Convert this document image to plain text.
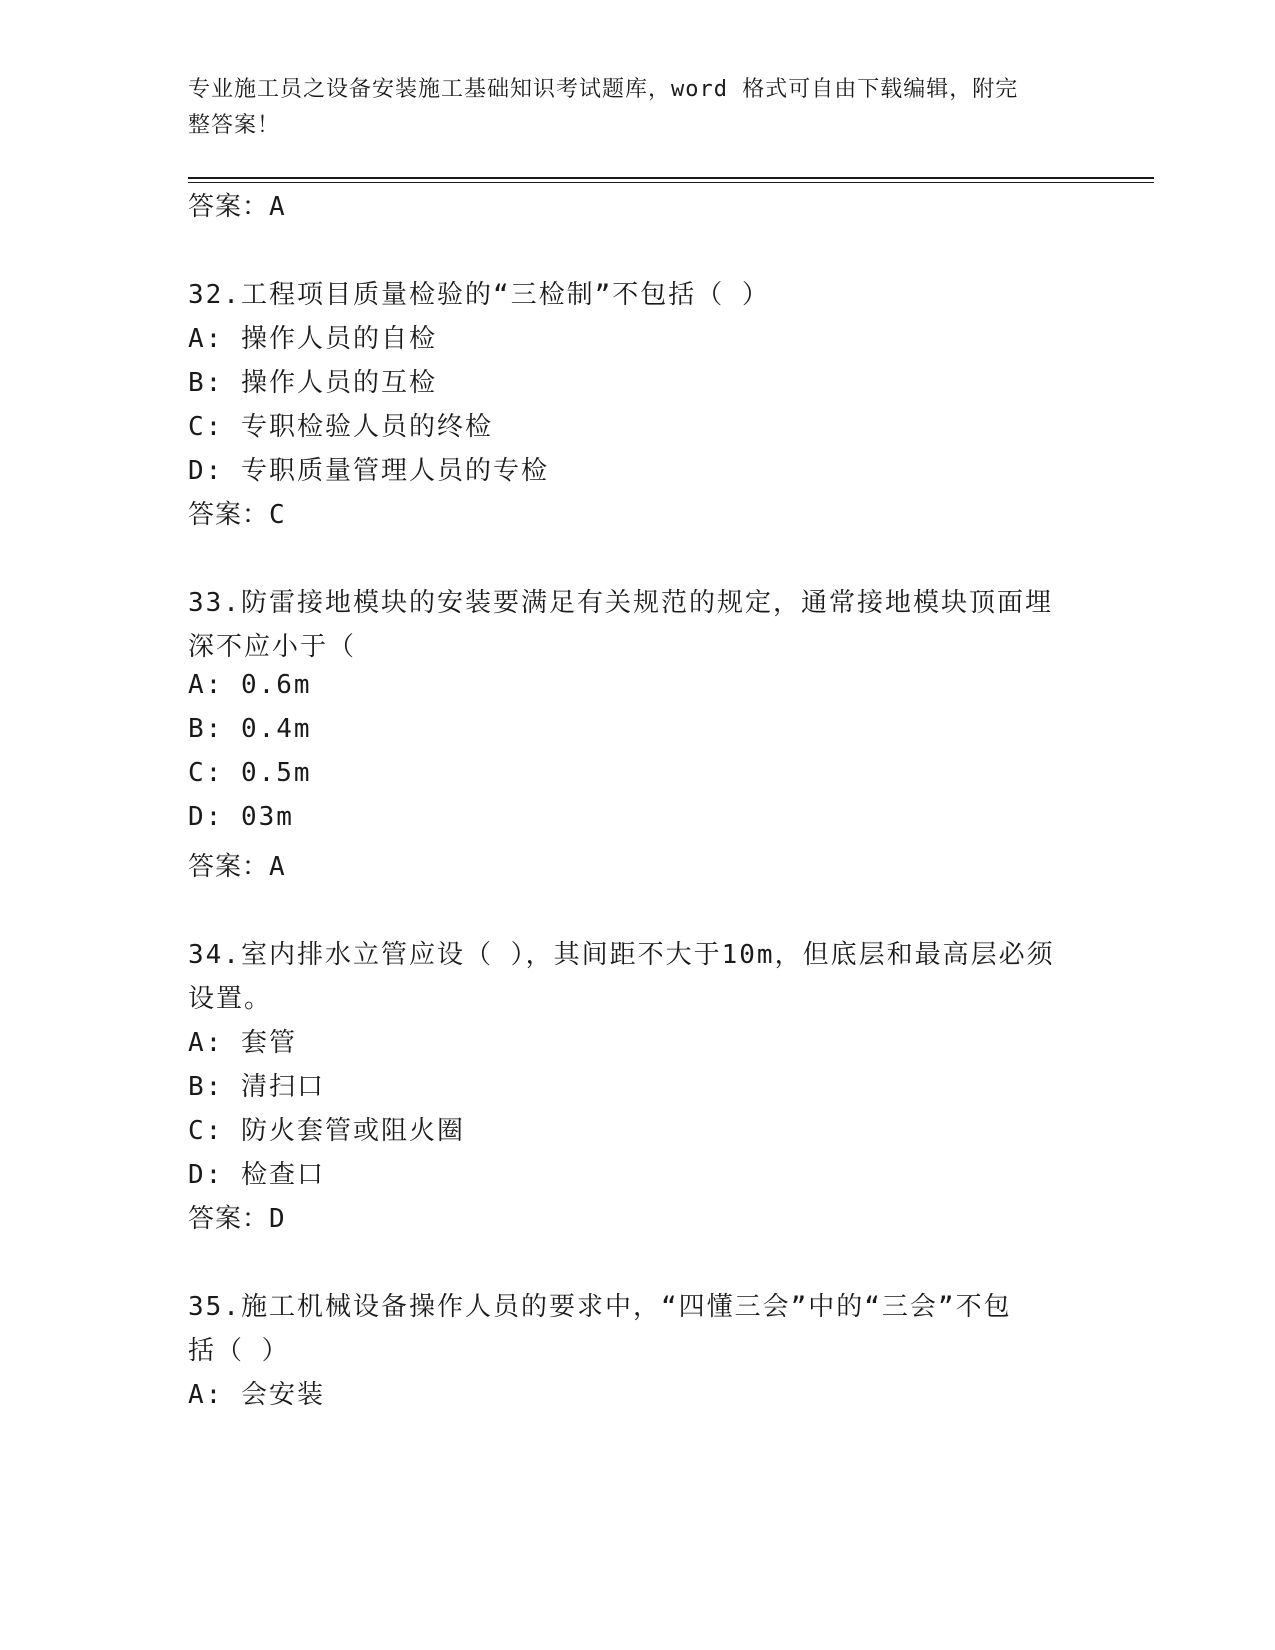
专业施工员之设备安装施工基础知识考试题库，word 格式可自由下载编辑，附完
整答案！
答案：A
32.工程项目质量检验的“三检制”不包括（ ）
A: 操作人员的自检
B: 操作人员的互检
C: 专职检验人员的终检
D: 专职质量管理人员的专检
答案：C
33.防雷接地模块的安装要满足有关规范的规定，通常接地模块顶面埋
深不应小于（
A: 0.6m
B: 0.4m
C: 0.5m
D: 03m
答案：A
34.室内排水立管应设（ ），其间距不大于10m，但底层和最高层必须
设置。
A: 套管
B: 清扫口
C: 防火套管或阻火圈
D: 检查口
答案：D
35.施工机械设备操作人员的要求中，“四懂三会”中的“三会”不包
括（ ）
A: 会安装
